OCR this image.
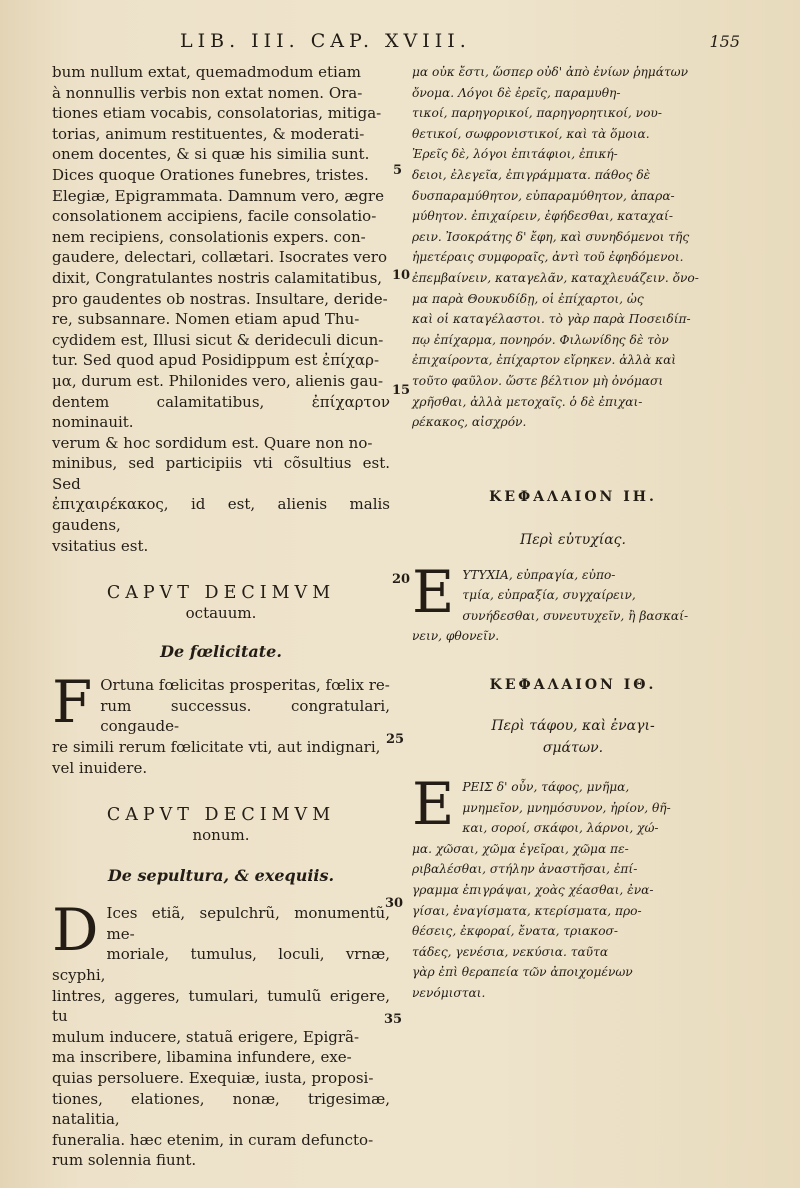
LIB. III. CAP. XVIII.	155
5
10
15
20
25
30
35

bum nullum extat, quemadmodum etiam

à nonnullis verbis non extat nomen. Ora-

tiones etiam vocabis, consolatorias, mitiga-

torias, animum restituentes, & moderati-

onem docentes, & si quæ his similia sunt.

Dices quoque Orationes funebres, tristes.

Elegiæ, Epigrammata. Damnum vero, ægre

consolationem accipiens, facile consolatio-

nem recipiens, consolationis expers. con-

gaudere, delectari, collætari. Isocrates vero

dixit, Congratulantes nostris calamitatibus,

pro gaudentes ob nostras. Insultare, deride-

re, subsannare. Nomen etiam apud Thu-

cydidem est, Illusi sicut & derideculi dicun-

tur. Sed quod apud Posidippum est ἐπίχαρ-

μα, durum est. Philonides vero, alienis gau-

dentem calamitatibus, ἐπίχαρτον nominauit.

verum & hoc sordidum est. Quare non no-

minibus, sed participiis vti cõsultius est. Sed

ἐπιχαιρέκακος, id est, alienis malis gaudens,

vsitatius est.

CAPVT DECIMVM

octauum.

De fœlicitate.

F Ortuna fœlicitas prosperitas, fœlix re-

rum successus. congratulari, congaude-

re simili rerum fœlicitate vti, aut indignari,

vel inuidere.

CAPVT DECIMVM

nonum.

De sepultura, & exequiis.

D Ices etiã, sepulchrũ, monumentũ, me-

moriale, tumulus, loculi, vrnæ, scyphi,

lintres, aggeres, tumulari, tumulũ erigere, tu

mulum inducere, statuã erigere, Epigrã-

ma inscribere, libamina infundere, exe-

quias persoluere. Exequiæ, iusta, proposi-

tiones, elationes, nonæ, trigesimæ, natalitia,

funeralia. hæc etenim, in curam defuncto-

rum solennia fiunt.

μα οὐκ ἔστι, ὥσπερ οὐδ' ἀπὸ ἐνίων ῥημάτων

ὄνομα. Λόγοι δὲ ἐρεῖς, παραμυθη-

τικοί, παρηγορικοί, παρηγορητικοί, νου-

θετικοί, σωφρονιστικοί, καὶ τὰ ὅμοια.

Ἐρεῖς δὲ, λόγοι ἐπιτάφιοι, ἐπική-

δειοι, ἐλεγεῖα, ἐπιγράμματα. πάθος δὲ

δυσπαραμύθητον, εὐπαραμύθητον, ἀπαρα-

μύθητον. ἐπιχαίρειν, ἐφήδεσθαι, καταχαί-

ρειν. Ἰσοκράτης δ' ἔφη, καὶ συνηδόμενοι τῆς

ἡμετέραις συμφοραῖς, ἀντὶ τοῦ ἐφηδόμενοι.

ἐπεμβαίνειν, καταγελᾶν, καταχλευάζειν. ὄνο-

μα παρὰ Θουκυδίδῃ, οἱ ἐπίχαρτοι, ὡς

καὶ οἱ καταγέλαστοι. τὸ γὰρ παρὰ Ποσειδίπ-

πῳ ἐπίχαρμα, πονηρόν. Φιλωνίδης δὲ τὸν

ἐπιχαίροντα, ἐπίχαρτον εἴρηκεν. ἀλλὰ καὶ

τοῦτο φαῦλον. ὥστε βέλτιον μὴ ὀνόμασι

χρῆσθαι, ἀλλὰ μετοχαῖς. ὁ δὲ ἐπιχαι-

ρέκακος, αἰσχρόν.

ΚΕΦΑΛΑΙΟΝ ΙΗ.

Περὶ εὐτυχίας.

E ΥΤΥΧΙΑ, εὐπραγία, εὐπο-

τμία, εὐπραξία, συγχαίρειν,

συνήδεσθαι, συνευτυχεῖν, ἢ βασκαί-

νειν, φθονεῖν.

ΚΕΦΑΛΑΙΟΝ ΙΘ.

Περὶ τάφου, καὶ ἐναγι-

σμάτων.

E ΡΕΙΣ δ' οὖν, τάφος, μνῆμα,

μνημεῖον, μνημόσυνον, ἠρίον, θῆ-

και, σοροί, σκάφοι, λάρνοι, χώ-

μα. χῶσαι, χῶμα ἐγεῖραι, χῶμα πε-

ριβαλέσθαι, στήλην ἀναστῆσαι, ἐπί-

γραμμα ἐπιγράψαι, χοὰς χέασθαι, ἐνα-

γίσαι, ἐναγίσματα, κτερίσματα, προ-

θέσεις, ἐκφοραί, ἔνατα, τριακοσ-

τάδες, γενέσια, νεκύσια. ταῦτα

γὰρ ἐπὶ θεραπεία τῶν ἀποιχομένων

νενόμισται.
